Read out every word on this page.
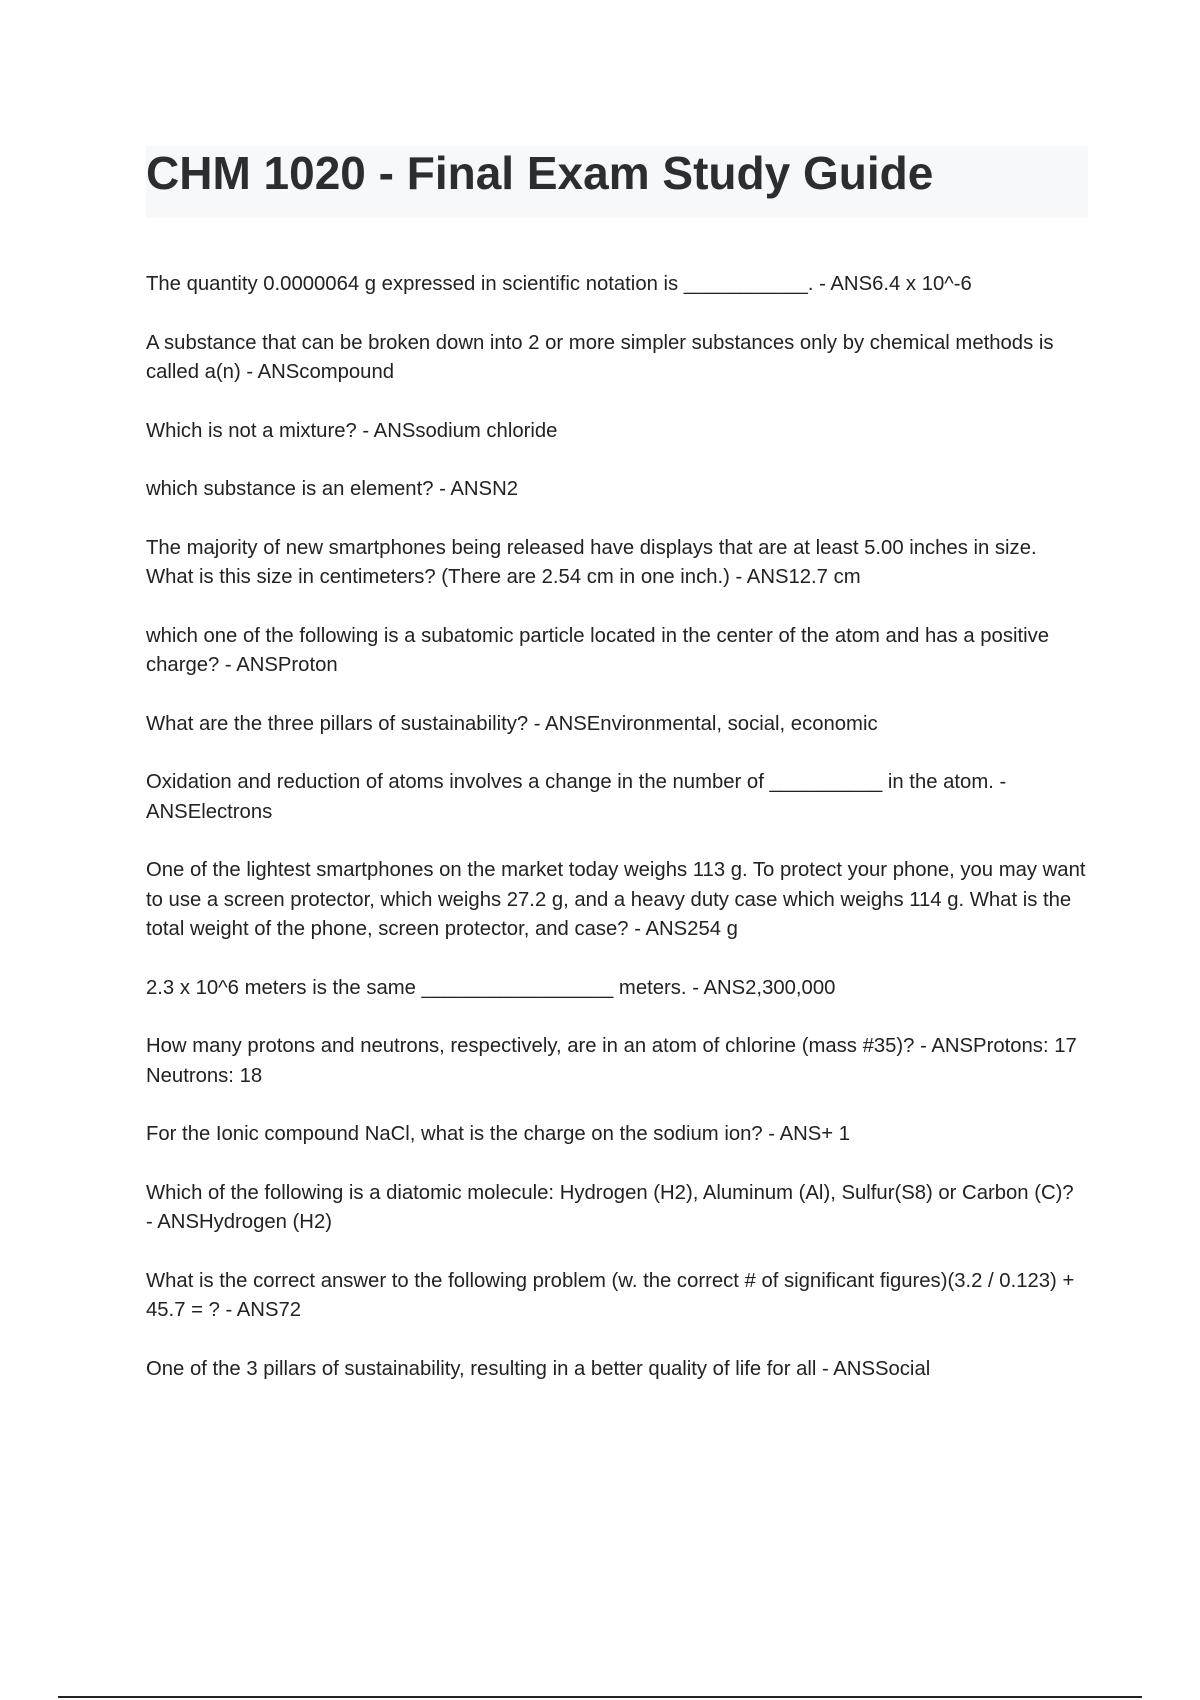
CHM 1020 - Final Exam Study Guide

The quantity 0.0000064 g expressed in scientific notation is ___________. - ANS6.4 x 10^-6

A substance that can be broken down into 2 or more simpler substances only by chemical methods is called a(n) - ANScompound

Which is not a mixture? - ANSsodium chloride

which substance is an element? - ANSN2

The majority of new smartphones being released have displays that are at least 5.00 inches in size. What is this size in centimeters? (There are 2.54 cm in one inch.) - ANS12.7 cm

which one of the following is a subatomic particle located in the center of the atom and has a positive charge? - ANSProton

What are the three pillars of sustainability? - ANSEnvironmental, social, economic

Oxidation and reduction of atoms involves a change in the number of __________ in the atom. - ANSElectrons

One of the lightest smartphones on the market today weighs 113 g. To protect your phone, you may want to use a screen protector, which weighs 27.2 g, and a heavy duty case which weighs 114 g. What is the total weight of the phone, screen protector, and case? - ANS254 g

2.3 x 10^6 meters is the same _________________ meters. - ANS2,300,000

How many protons and neutrons, respectively, are in an atom of chlorine (mass #35)? - ANSProtons: 17
Neutrons: 18

For the Ionic compound NaCl, what is the charge on the sodium ion? - ANS+ 1

Which of the following is a diatomic molecule: Hydrogen (H2), Aluminum (Al), Sulfur(S8) or Carbon (C)? - ANSHydrogen (H2)

What is the correct answer to the following problem (w. the correct # of significant figures)(3.2 / 0.123) + 45.7 = ? - ANS72

One of the 3 pillars of sustainability, resulting in a better quality of life for all - ANSSocial
